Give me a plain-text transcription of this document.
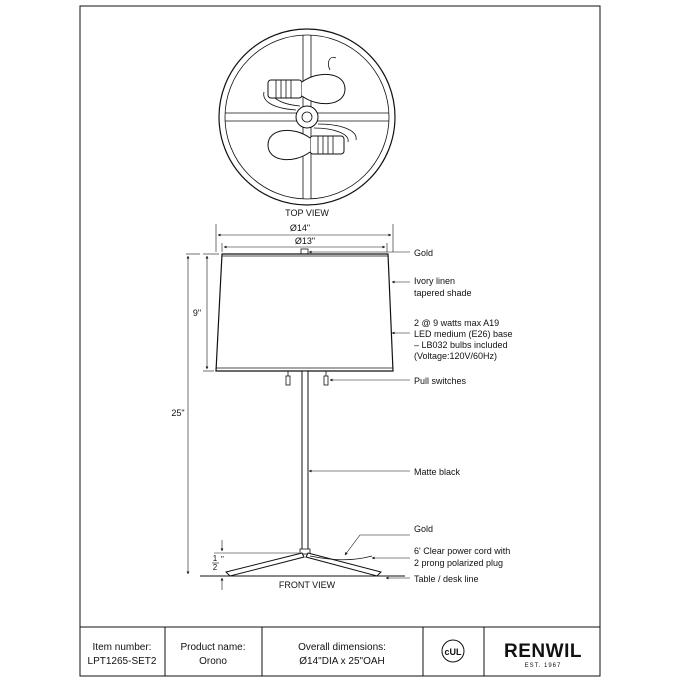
TOP VIEW
Ø14"
Ø13"
FRONT VIEW
9"
25"
1
2
"
Gold
Ivory linen
tapered shade
2 @ 9 watts max A19
LED medium (E26) base
– LB032 bulbs included
(Voltage:120V/60Hz)
Pull switches
Matte black
Gold
6' Clear power cord with
2 prong polarized plug
Table / desk line
Item number:
LPT1265-SET2
Product name:
Orono
Overall dimensions:
Ø14"DIA x 25"OAH
cUL RENWIL
EST. 1967
